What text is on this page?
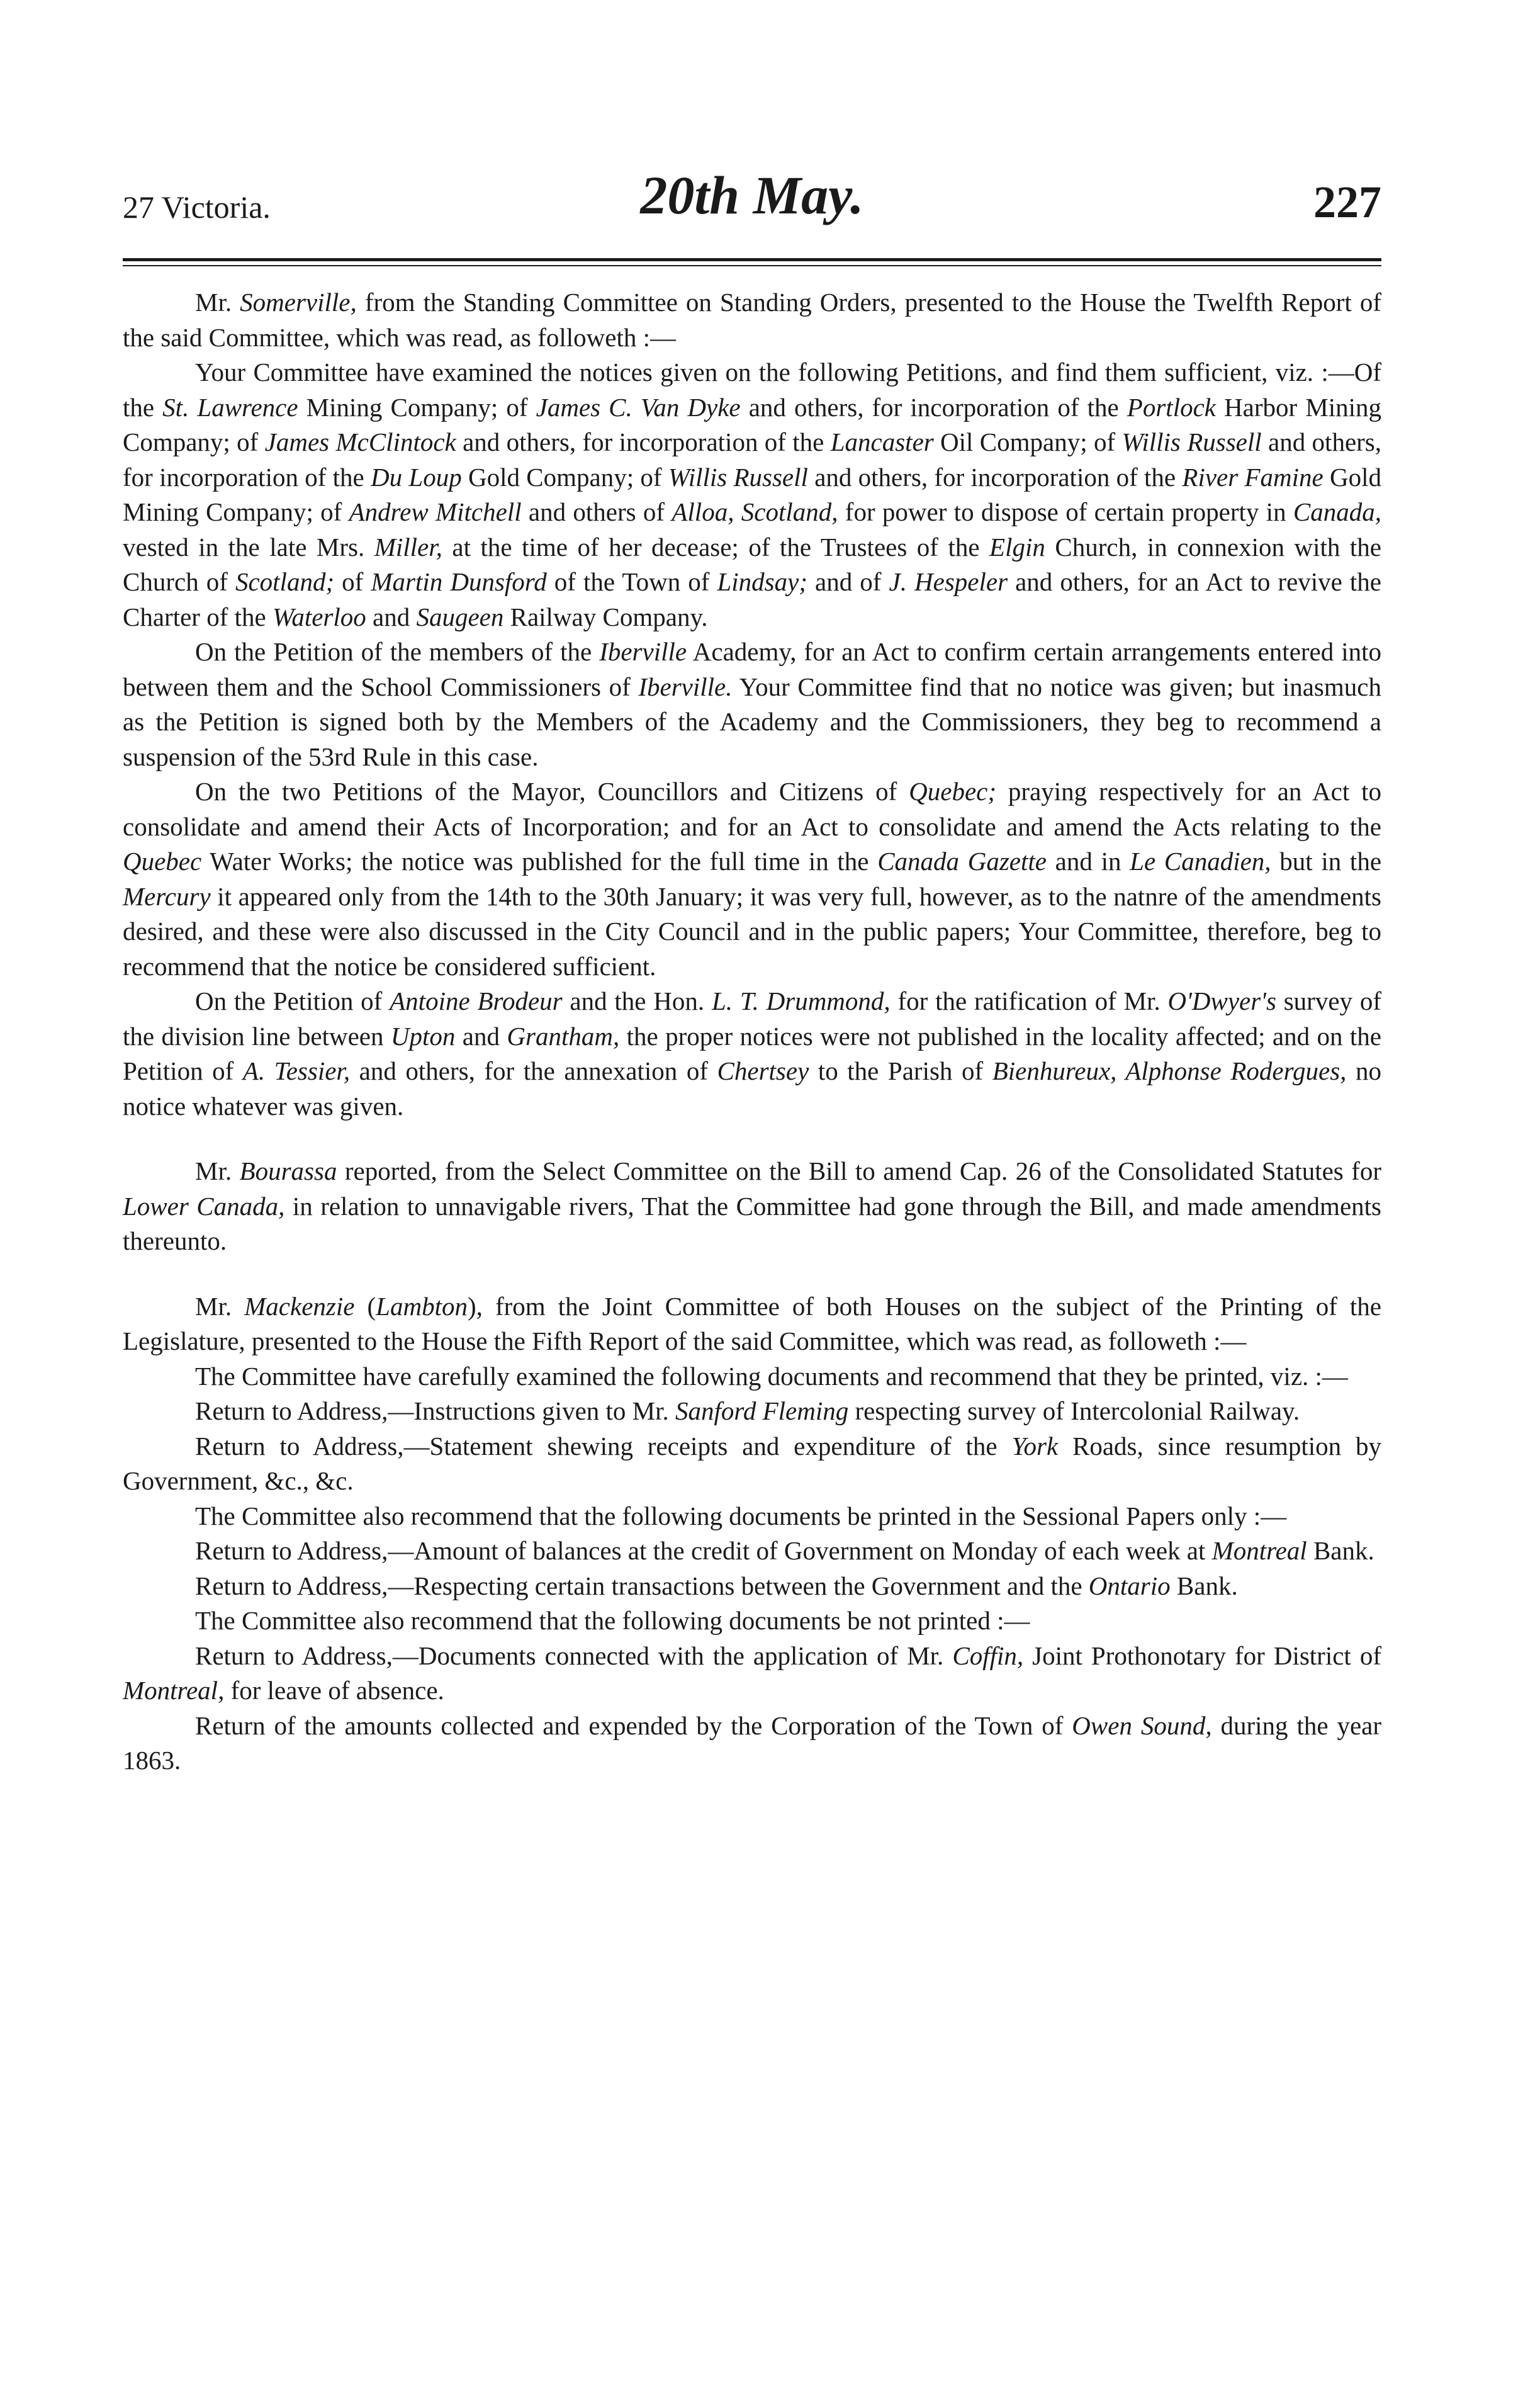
27 Victoria.	20th May.	227

Mr. Somerville, from the Standing Committee on Standing Orders, presented to the House the Twelfth Report of the said Committee, which was read, as followeth :—

Your Committee have examined the notices given on the following Petitions, and find them sufficient, viz. :—Of the St. Lawrence Mining Company; of James C. Van Dyke and others, for incorporation of the Portlock Harbor Mining Company; of James McClintock and others, for incorporation of the Lancaster Oil Company; of Willis Russell and others, for incorporation of the Du Loup Gold Company; of Willis Russell and others, for incorporation of the River Famine Gold Mining Company; of Andrew Mitchell and others of Alloa, Scotland, for power to dispose of certain property in Canada, vested in the late Mrs. Miller, at the time of her decease; of the Trustees of the Elgin Church, in connexion with the Church of Scotland; of Martin Dunsford of the Town of Lindsay; and of J. Hespeler and others, for an Act to revive the Charter of the Waterloo and Saugeen Railway Company.

On the Petition of the members of the Iberville Academy, for an Act to confirm certain arrangements entered into between them and the School Commissioners of Iberville. Your Committee find that no notice was given; but inasmuch as the Petition is signed both by the Members of the Academy and the Commissioners, they beg to recommend a suspension of the 53rd Rule in this case.

On the two Petitions of the Mayor, Councillors and Citizens of Quebec; praying respectively for an Act to consolidate and amend their Acts of Incorporation; and for an Act to consolidate and amend the Acts relating to the Quebec Water Works; the notice was published for the full time in the Canada Gazette and in Le Canadien, but in the Mercury it appeared only from the 14th to the 30th January; it was very full, however, as to the natnre of the amendments desired, and these were also discussed in the City Council and in the public papers; Your Committee, therefore, beg to recommend that the notice be considered sufficient.

On the Petition of Antoine Brodeur and the Hon. L. T. Drummond, for the ratification of Mr. O'Dwyer's survey of the division line between Upton and Grantham, the proper notices were not published in the locality affected; and on the Petition of A. Tessier, and others, for the annexation of Chertsey to the Parish of Bienhureux, Alphonse Rodergues, no notice whatever was given.

Mr. Bourassa reported, from the Select Committee on the Bill to amend Cap. 26 of the Consolidated Statutes for Lower Canada, in relation to unnavigable rivers, That the Committee had gone through the Bill, and made amendments thereunto.

Mr. Mackenzie (Lambton), from the Joint Committee of both Houses on the subject of the Printing of the Legislature, presented to the House the Fifth Report of the said Committee, which was read, as followeth :—

The Committee have carefully examined the following documents and recommend that they be printed, viz. :—

Return to Address,—Instructions given to Mr. Sanford Fleming respecting survey of Intercolonial Railway.

Return to Address,—Statement shewing receipts and expenditure of the York Roads, since resumption by Government, &c., &c.

The Committee also recommend that the following documents be printed in the Sessional Papers only :—

Return to Address,—Amount of balances at the credit of Government on Monday of each week at Montreal Bank.

Return to Address,—Respecting certain transactions between the Government and the Ontario Bank.

The Committee also recommend that the following documents be not printed :—

Return to Address,—Documents connected with the application of Mr. Coffin, Joint Prothonotary for District of Montreal, for leave of absence.

Return of the amounts collected and expended by the Corporation of the Town of Owen Sound, during the year 1863.
